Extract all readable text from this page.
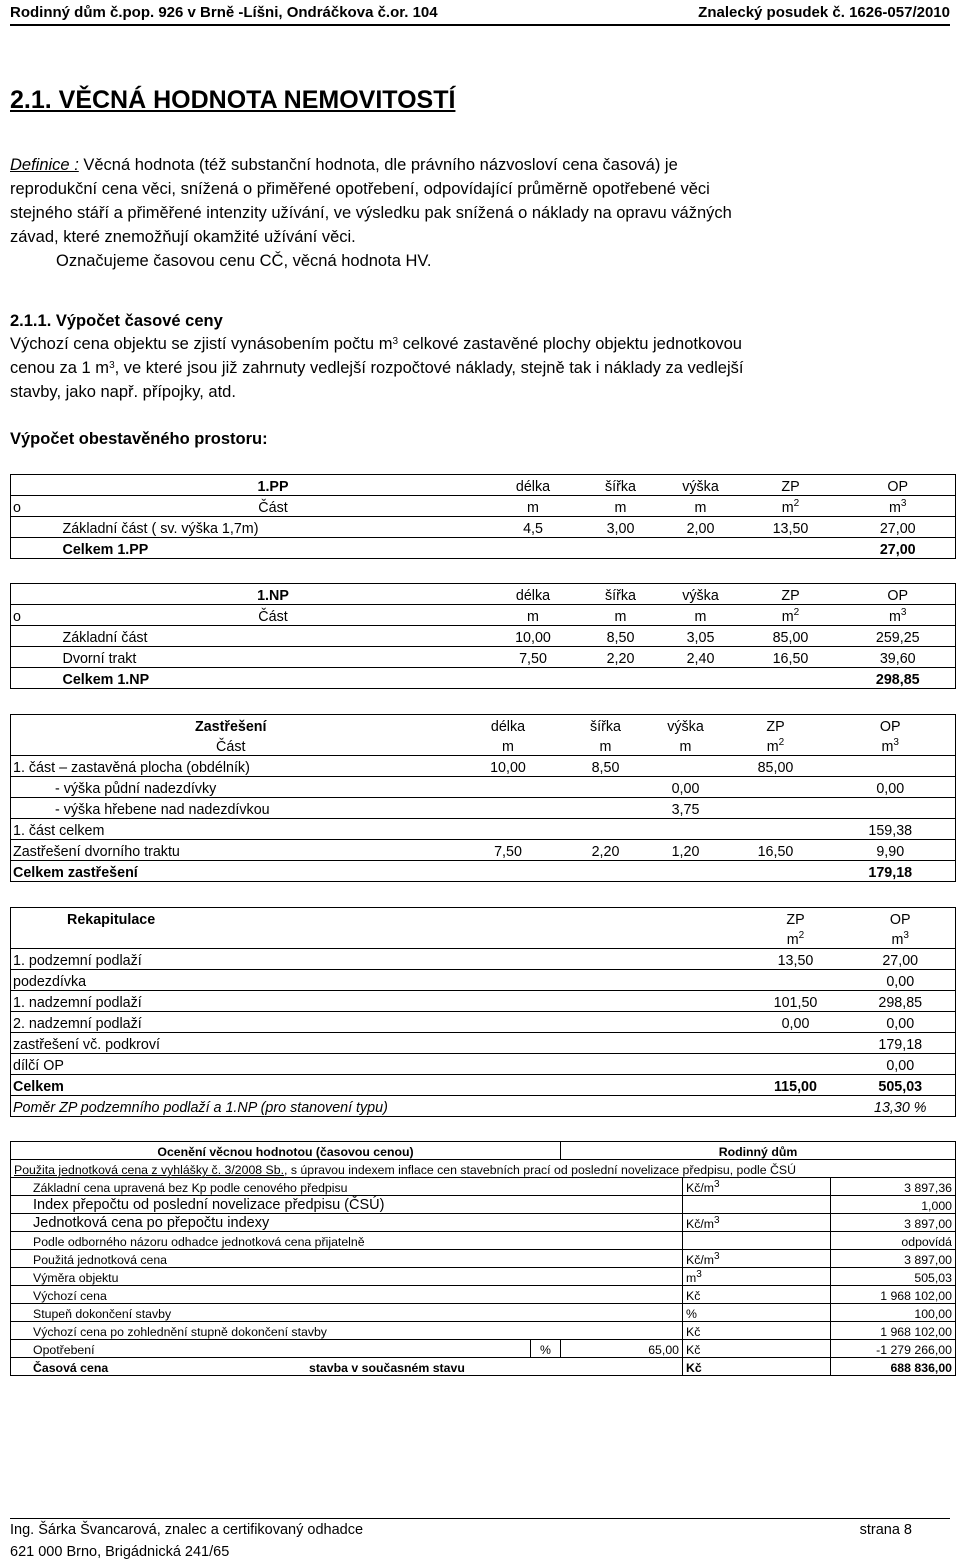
Rodinný dům č.pop. 926 v Brně -Líšni, Ondráčkova č.or. 104	Znalecký posudek č. 1626-057/2010
2.1. VĚCNÁ HODNOTA NEMOVITOSTÍ
Definice : Věcná hodnota (též substanční hodnota, dle právního názvosloví cena časová) je
reprodukční cena věci, snížená o přiměřené opotřebení, odpovídající průměrně opotřebené věci
stejného stáří a přiměřené intenzity užívání, ve výsledku pak snížená o náklady na opravu vážných
závad, které znemožňují okamžité užívání věci.
Označujeme časovou cenu CČ, věcná hodnota HV.
2.1.1. Výpočet časové ceny
Výchozí cena objektu se zjistí vynásobením počtu $m^3$ celkové zastavěné plochy objektu jednotkovou
cenou za 1 $m^3$, ve které jsou již zahrnuty vedlejší rozpočtové náklady, stejně tak i náklady za vedlejší
stavby, jako např. přípojky, atd.
Výpočet obestavěného prostoru:
	1.PP	délka	šířka	výška	ZP	OP
o	Část	m	m	m	$m^2$	$m^3$
	Základní část ( sv. výška 1,7m)	4,5	3,00	2,00	13,50	27,00
	Celkem 1.PP					27,00
	1.NP	délka	šířka	výška	ZP	OP
o	Část	m	m	m	$m^2$	$m^3$
	Základní část	10,00	8,50	3,05	85,00	259,25
	Dvorní trakt	7,50	2,20	2,40	16,50	39,60
	Celkem 1.NP					298,85
Zastřešení	délka	šířka	výška	ZP	OP
Část	m	m	m	$m^2$	$m^3$
1. část – zastavěná plocha (obdélník)	10,00	8,50		85,00	
- výška půdní nadezdívky			0,00		0,00
- výška hřebene nad nadezdívkou			3,75		
1. část celkem					159,38
Zastřešení dvorního traktu	7,50	2,20	1,20	16,50	9,90
Celkem zastřešení					179,18
Rekapitulace	ZP	OP
	$m^2$	$m^3$
1. podzemní podlaží	13,50	27,00
podezdívka		0,00
1. nadzemní podlaží	101,50	298,85
2. nadzemní podlaží	0,00	0,00
zastřešení vč. podkroví		179,18
dílčí OP		0,00
Celkem	115,00	505,03
Poměr ZP podzemního podlaží a 1.NP (pro stanovení typu)		13,30 %
Ocenění věcnou hodnotou (časovou cenou)		Rodinný dům		
Použita jednotková cena z vyhlášky č. 3/2008 Sb., s úpravou indexem inflace cen stavebních prací od poslední novelizace předpisu, podle ČSÚ				
Základní cena upravená bez Kp podle cenového předpisu			$Kč/m^3$	3 897,36
Index přepočtu od poslední novelizace předpisu (ČSÚ)				1,000
Jednotková cena po přepočtu indexy			$Kč/m^3$	3 897,00
Podle odborného názoru odhadce jednotková cena přijatelně				odpovídá
Použitá jednotková cena			$Kč/m^3$	3 897,00
Výměra objektu			$m^3$	505,03
Výchozí cena			Kč	1 968 102,00
Stupeň dokončení stavby			%	100,00
Výchozí cena po zohlednění stupně dokončení stavby			Kč	1 968 102,00
Opotřebení	%	65,00	Kč	-1 279 266,00
Časová cena stavba v současném stavu			Kč	688 836,00
Ing. Šárka Švancarová, znalec a certifikovaný odhadce
621 000 Brno, Brigádnická 241/65
strana 8
